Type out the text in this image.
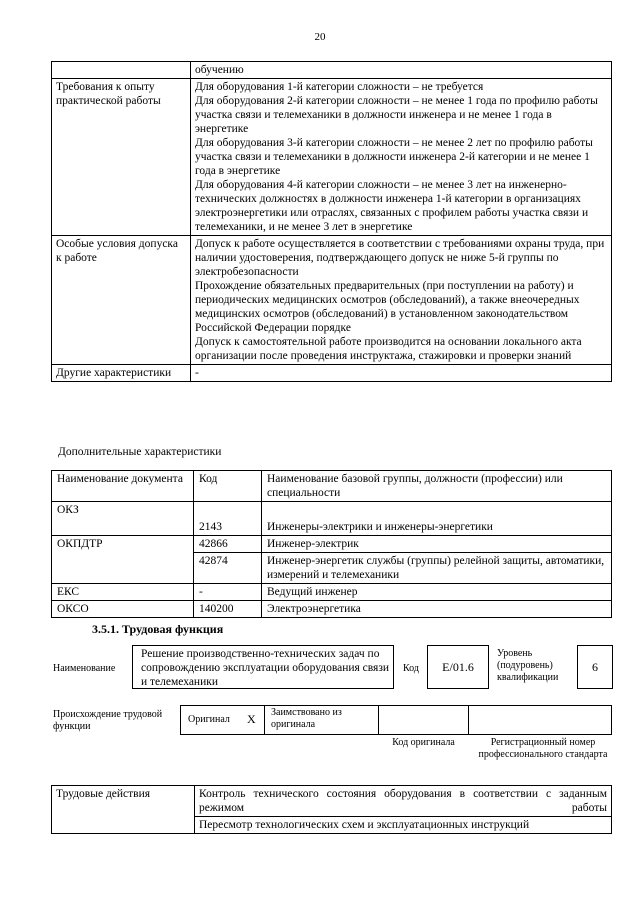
20

	обучению

Требования к опыту практической работы	Для оборудования 1-й категории сложности – не требуется
Для оборудования 2-й категории сложности – не менее 1 года по профилю работы участка связи и телемеханики в должности инженера и не менее 1 года в энергетике
Для оборудования 3-й категории сложности – не менее 2 лет по профилю работы участка связи и телемеханики в должности инженера 2-й категории и не менее 1 года в энергетике
Для оборудования 4-й категории сложности – не менее 3 лет на инженерно-технических должностях в должности инженера 1-й категории в организациях электроэнергетики или отраслях, связанных с профилем работы участка связи и телемеханики, и не менее 3 лет в энергетике

Особые условия допуска к работе	Допуск к работе осуществляется в соответствии с требованиями охраны труда, при наличии удостоверения, подтверждающего допуск не ниже 5-й группы по электробезопасности
Прохождение обязательных предварительных (при поступлении на работу) и периодических медицинских осмотров (обследований), а также внеочередных медицинских осмотров (обследований) в установленном законодательством Российской Федерации порядке
Допуск к самостоятельной работе производится на основании локального акта организации после проведения инструктажа, стажировки и проверки знаний

Другие характеристики	-
Дополнительные характеристики
Наименование документа	Код	Наименование базовой группы, должности (профессии) или специальности
ОКЗ	2143	Инженеры-электрики и инженеры-энергетики
ОКПДТР	42866	Инженер-электрик
	42874	Инженер-энергетик службы (группы) релейной защиты, автоматики, измерений и телемеханики
ЕКС	-	Ведущий инженер
ОКСО	140200	Электроэнергетика
3.5.1. Трудовая функция
Наименование
Решение производственно-технических задач по сопровождению эксплуатации оборудования связи и телемеханики
Код	E/01.6
Уровень (подуровень) квалификации
6
Происхождение трудовой функции
Оригинал X Заимствовано из оригинала
Код оригинала	Регистрационный номер профессионального стандарта
Трудовые действия	Контроль технического состояния оборудования в соответствии с заданным режимом работы
Пересмотр технологических схем и эксплуатационных инструкций
